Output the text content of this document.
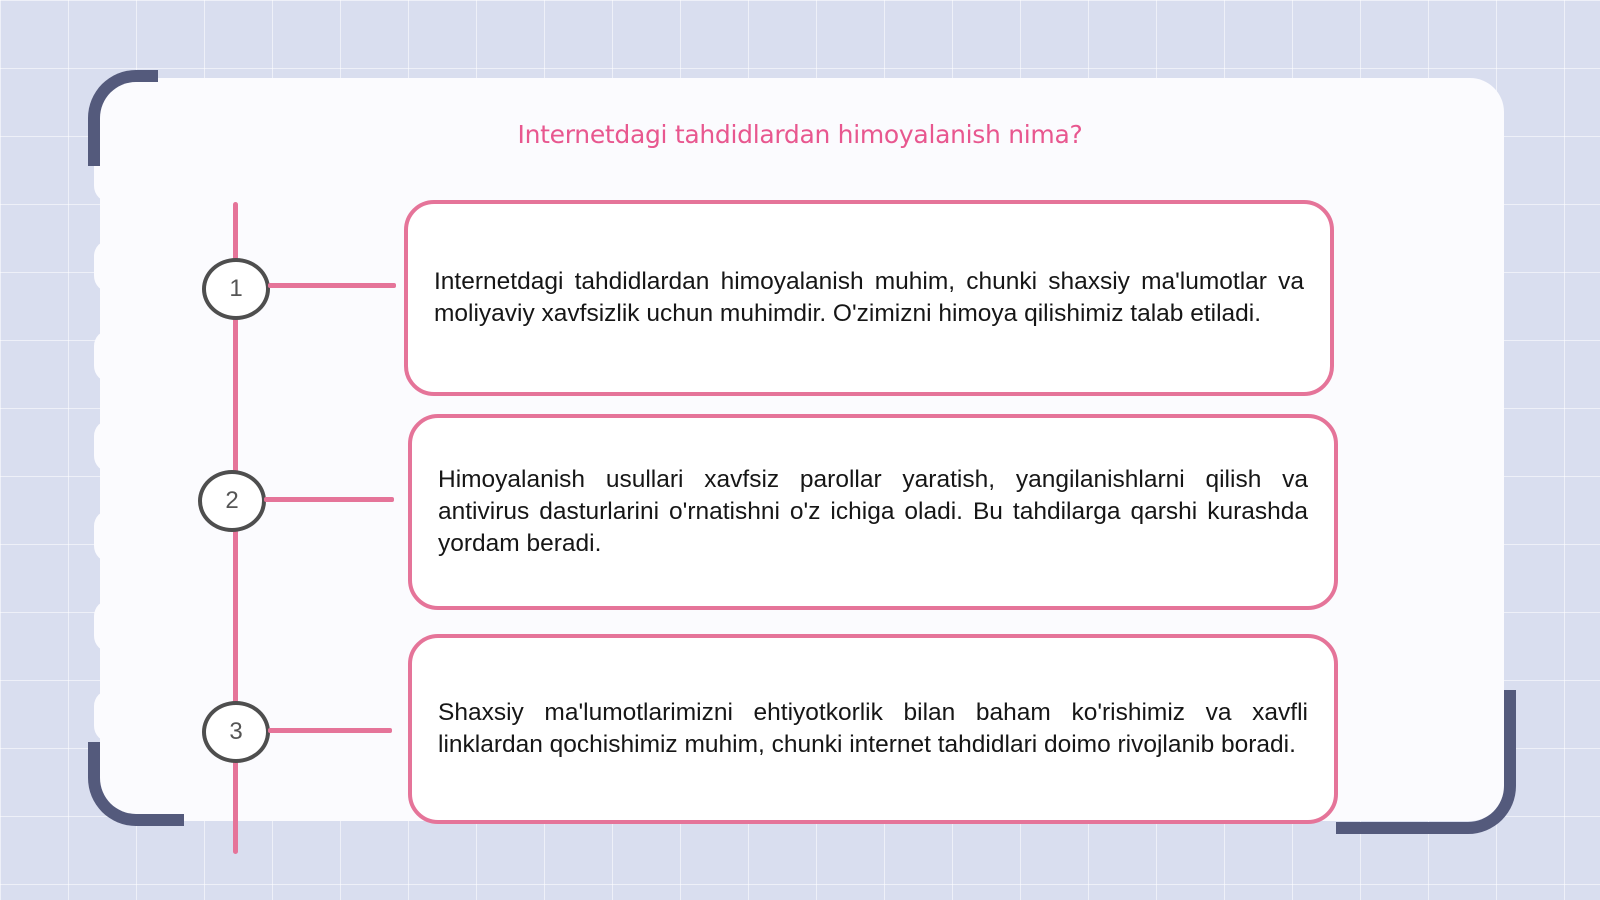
Internetdagi tahdidlardan himoyalanish nima?
1	Internetdagi tahdidlardan himoyalanish muhim, chunki shaxsiy ma'lumotlar va moliyaviy xavfsizlik uchun muhimdir. O'zimizni himoya qilishimiz talab etiladi.

2

Himoyalanish usullari xavfsiz parollar yaratish, yangilanishlarni qilish va antivirus dasturlarini o'rnatishni o'z ichiga oladi. Bu tahdilarga qarshi kurashda yordam beradi.

3

Shaxsiy ma'lumotlarimizni ehtiyotkorlik bilan baham ko'rishimiz va xavfli linklardan qochishimiz muhim, chunki internet tahdidlari doimo rivojlanib boradi.
